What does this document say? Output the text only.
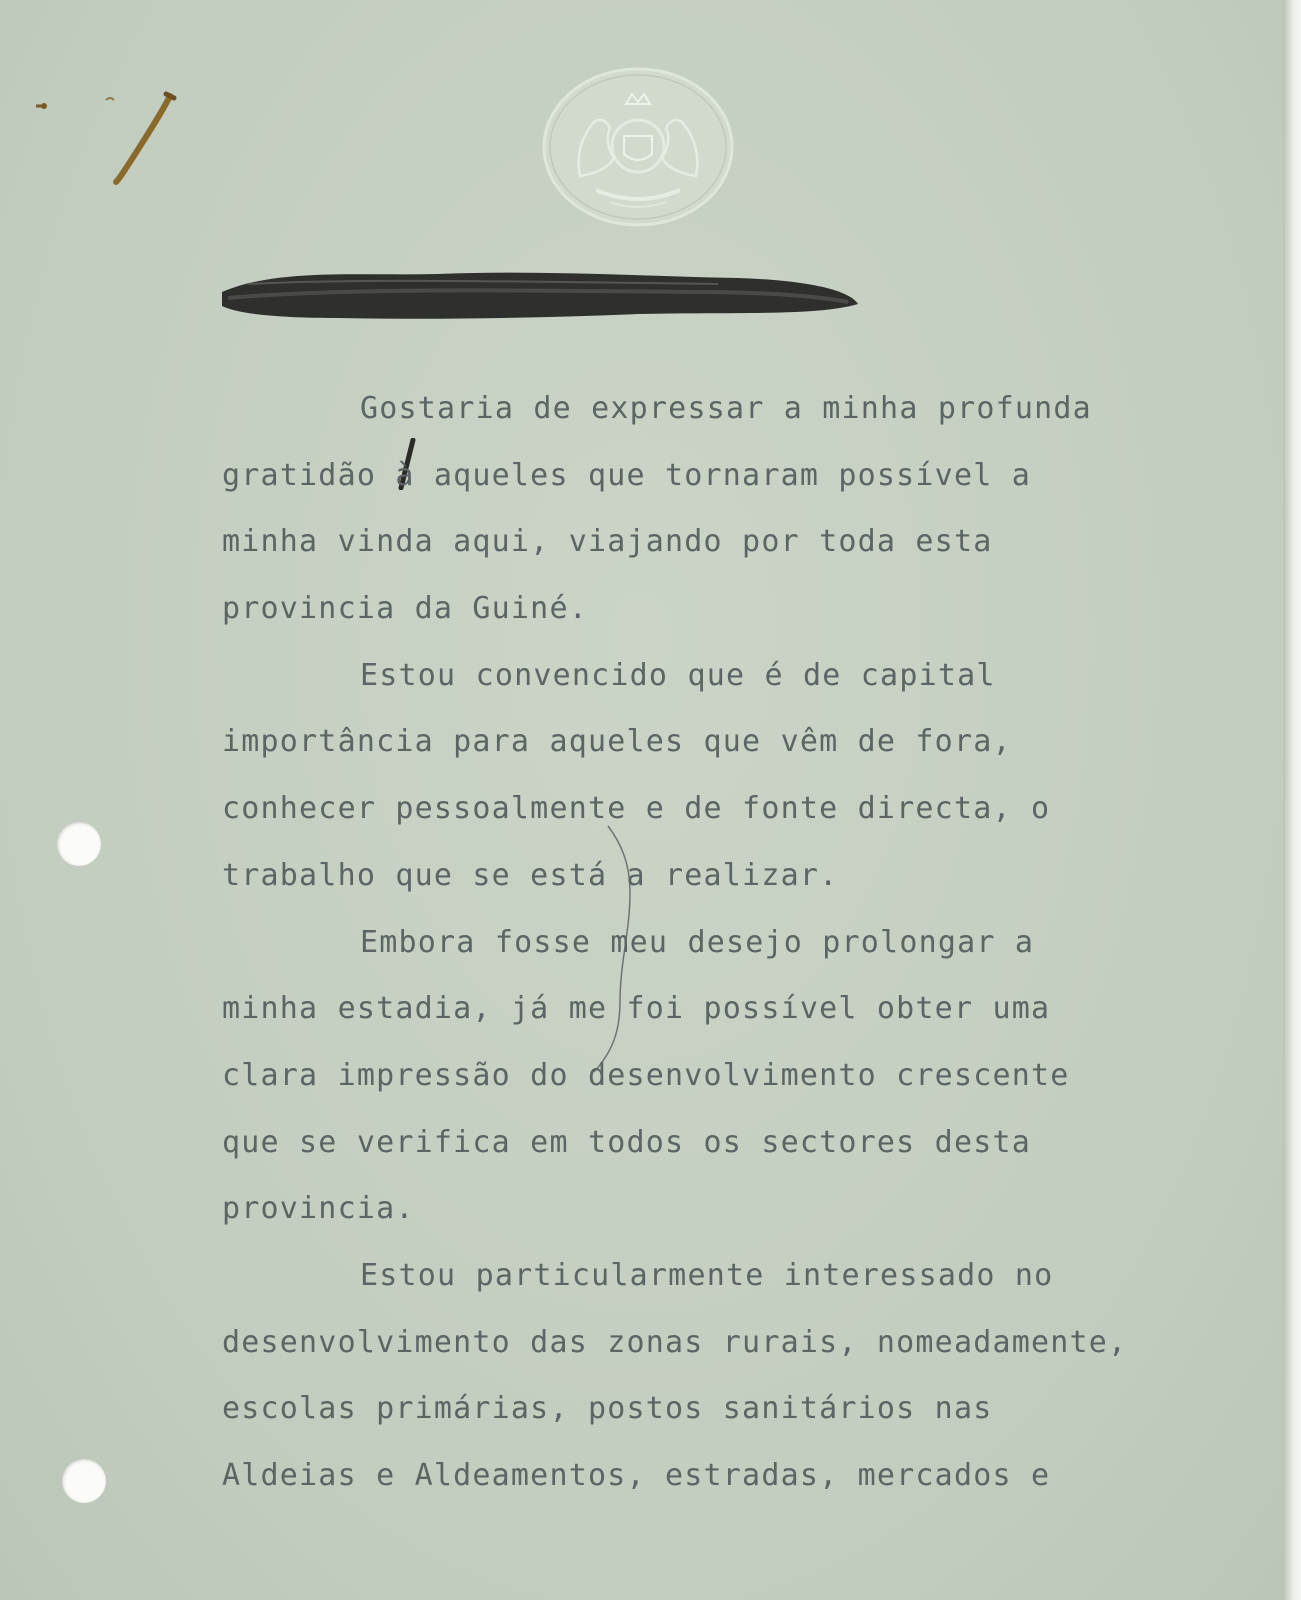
Gostaria de expressar a minha profunda
gratidão à aqueles que tornaram possível a
minha vinda aqui, viajando por toda esta
provincia da Guiné.
Estou convencido que é de capital
importância para aqueles que vêm de fora,
conhecer pessoalmente e de fonte directa, o
trabalho que se está a realizar.
Embora fosse meu desejo prolongar a
minha estadia, já me foi possível obter uma
clara impressão do desenvolvimento crescente
que se verifica em todos os sectores desta
provincia.
Estou particularmente interessado no
desenvolvimento das zonas rurais, nomeadamente,
escolas primárias, postos sanitários nas
Aldeias e Aldeamentos, estradas, mercados e
